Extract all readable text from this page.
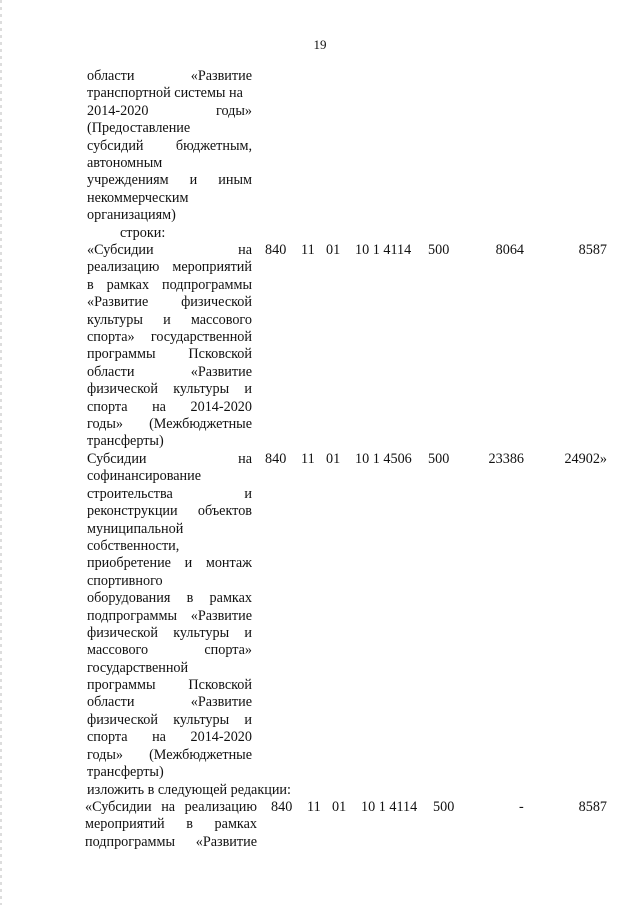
19
области «Развитие
транспортной системы на
2014-2020 годы»
(Предоставление
субсидий бюджетным,
автономным
учреждениям и иным
некоммерческим
организациям)
строки:
«Субсидии на
реализацию мероприятий
в рамках подпрограммы
«Развитие физической
культуры и массового
спорта» государственной
программы Псковской
области «Развитие
физической культуры и
спорта на 2014-2020
годы» (Межбюджетные
трансферты)
840 11 01 10 1 4114 500	8064	8587
Субсидии на
софинансирование
строительства и
реконструкции объектов
муниципальной
собственности,
приобретение и монтаж
спортивного
оборудования в рамках
подпрограммы «Развитие
физической культуры и
массового спорта»
государственной
программы Псковской
области «Развитие
физической культуры и
спорта на 2014-2020
годы» (Межбюджетные
трансферты)
840 11 01 10 1 4506 500	23386	24902»
изложить в следующей редакции:
«Субсидии на реализацию
мероприятий в рамках
подпрограммы «Развитие
840 11 01 10 1 4114 500	-	8587
